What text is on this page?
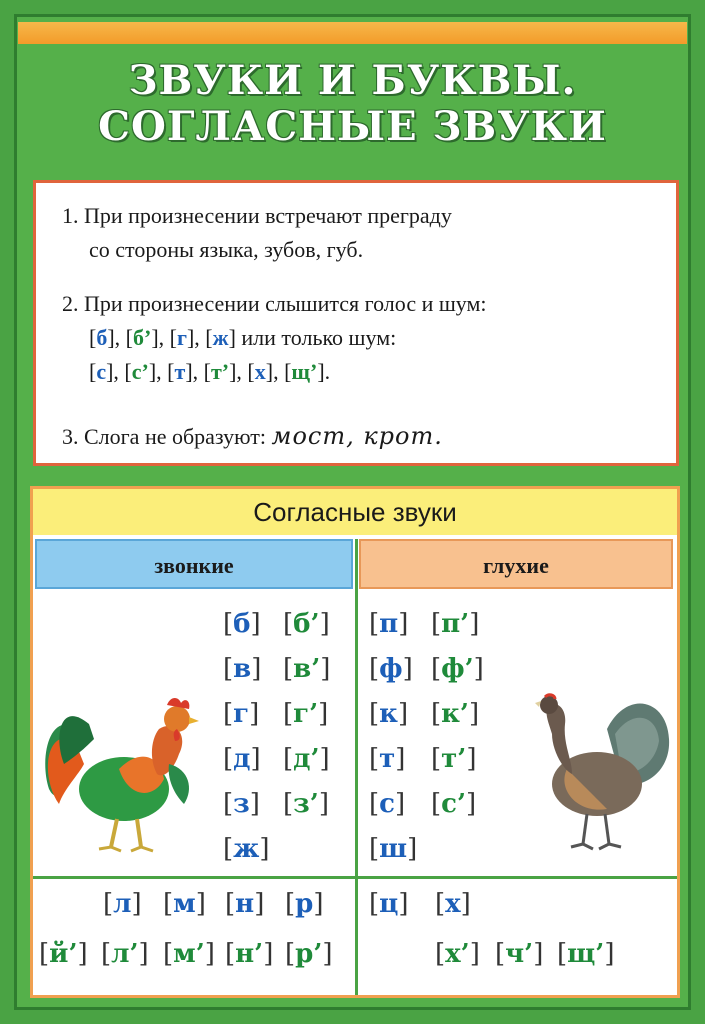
ЗВУКИ И БУКВЫ.
СОГЛАСНЫЕ ЗВУКИ
1. При произнесении встречают преграду
со стороны языка, зубов, губ.
2. При произнесении слышится голос и шум:
[б], [б’], [г], [ж] или только шум:
[с], [с’], [т], [т’], [х], [щ’].
3. Слога не образуют: мост, крот.
Согласные звуки
звонкие	глухие
[б] [б’]
[в] [в’]
[г] [г’]
[д] [д’]
[з] [з’]
[ж]
[п] [п’]
[ф] [ф’]
[к] [к’]
[т] [т’]
[с] [с’]
[ш]
[л] [м] [н] [р]
[й’] [л’] [м’] [н’] [р’]
[ц] [х]
[х’] [ч’] [щ’]
